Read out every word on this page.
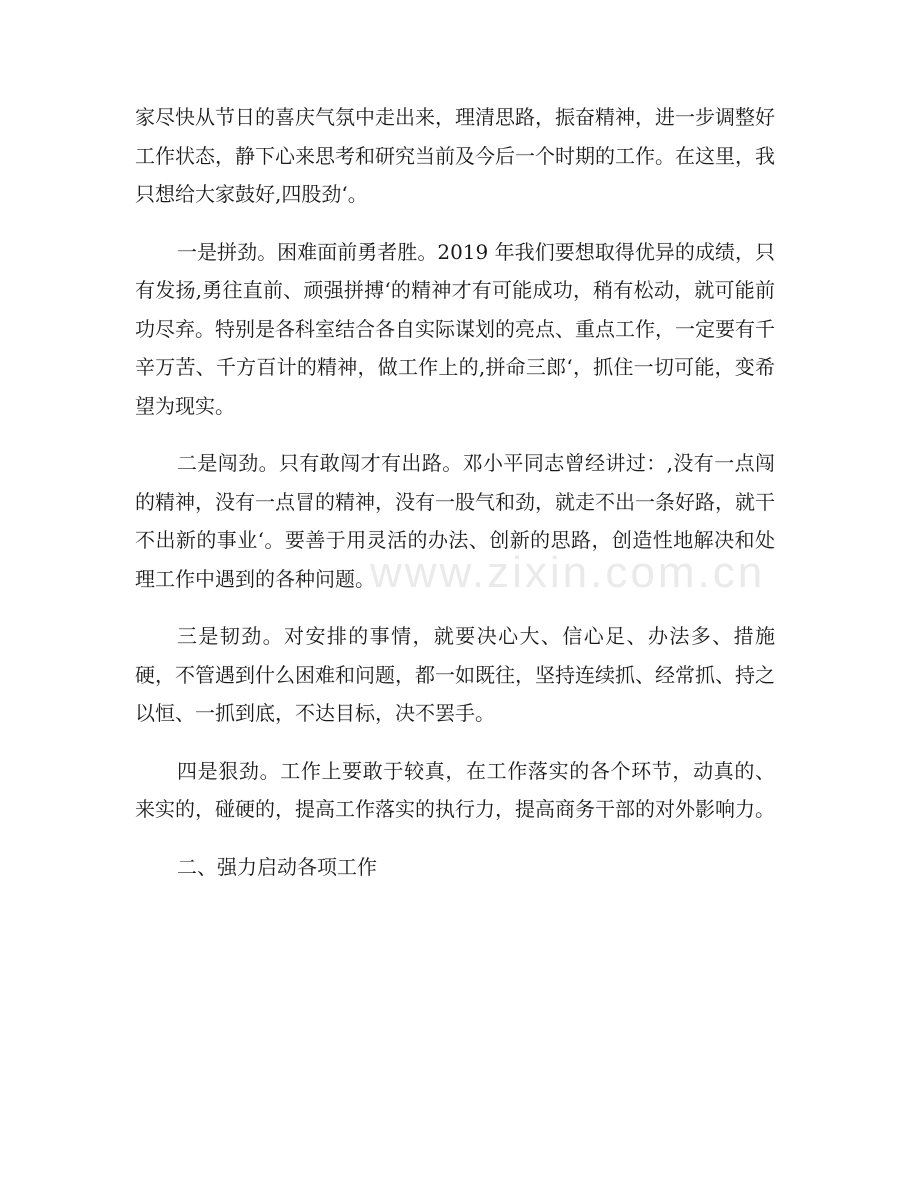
家尽快从节日的喜庆气氛中走出来，理清思路，振奋精神，进一步调整好工作状态，静下心来思考和研究当前及今后一个时期的工作。在这里，我只想给大家鼓好,四股劲‘。

一是拼劲。困难面前勇者胜。2019 年我们要想取得优异的成绩，只有发扬,勇往直前、顽强拼搏‘的精神才有可能成功，稍有松动，就可能前功尽弃。特别是各科室结合各自实际谋划的亮点、重点工作，一定要有千辛万苦、千方百计的精神，做工作上的,拼命三郎‘，抓住一切可能，变希望为现实。

二是闯劲。只有敢闯才有出路。邓小平同志曾经讲过：,没有一点闯的精神，没有一点冒的精神，没有一股气和劲，就走不出一条好路，就干不出新的事业‘。要善于用灵活的办法、创新的思路，创造性地解决和处理工作中遇到的各种问题。

三是韧劲。对安排的事情，就要决心大、信心足、办法多、措施硬，不管遇到什么困难和问题，都一如既往，坚持连续抓、经常抓、持之以恒、一抓到底，不达目标，决不罢手。

四是狠劲。工作上要敢于较真，在工作落实的各个环节，动真的、来实的，碰硬的，提高工作落实的执行力，提高商务干部的对外影响力。

二、强力启动各项工作

www.zixin.com.cn
